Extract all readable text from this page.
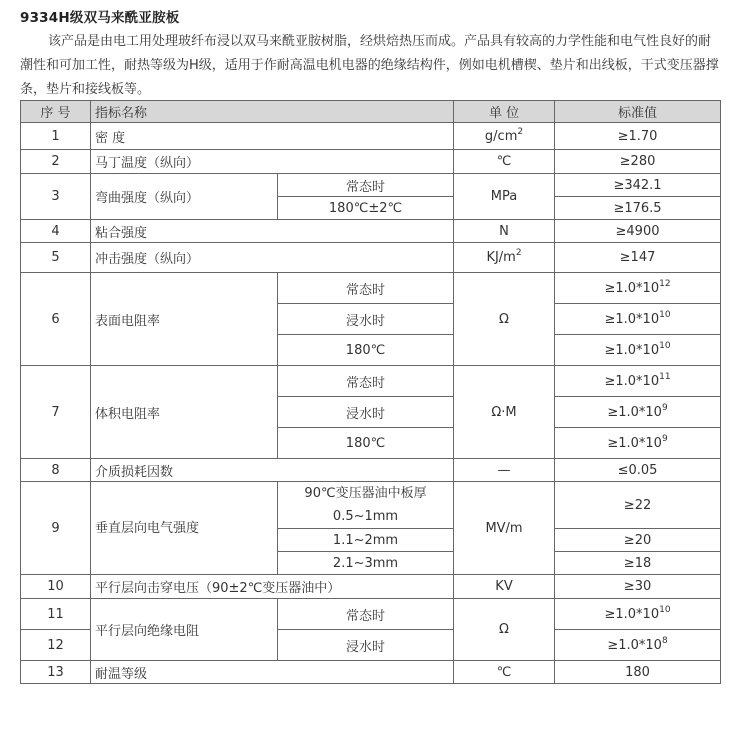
9334H级双马来酰亚胺板
该产品是由电工用处理玻纤布浸以双马来酰亚胺树脂，经烘焙热压而成。产品具有较高的力学性能和电气性良好的耐潮性和可加工性，耐热等级为H级，适用于作耐高温电机电器的绝缘结构件，例如电机槽楔、垫片和出线板，干式变压器撑条，垫片和接线板等。
序 号	指标名称		单 位	标准值
1	密 度		$g/cm^2$	≥1.70
2	马丁温度（纵向）		℃	≥280
3	弯曲强度（纵向）	常态时	MPa	≥342.1
		180℃±2℃		≥176.5
4	粘合强度		N	≥4900
5	冲击强度（纵向）		$KJ/m^2$	≥147
6	表面电阻率	常态时	Ω	$\ge 1.0*10^{12}$
		浸水时		$\ge 1.0*10^{10}$
		180℃		$\ge 1.0*10^{10}$
7	体积电阻率	常态时	Ω·M	$\ge 1.0*10^{11}$
		浸水时		$\ge 1.0*10^9$
		180℃		$\ge 1.0*10^9$
8	介质损耗因数		—	≤0.05
9	垂直层向电气强度	90℃变压器油中板厚0.5~1mm	MV/m	≥22
		1.1~2mm		≥20
		2.1~3mm		≥18
10	平行层向击穿电压（90±2℃变压器油中）		KV	≥30
11	平行层向绝缘电阻	常态时	Ω	$\ge 1.0*10^{10}$
12		浸水时		$\ge 1.0*10^8$
13	耐温等级		℃	180
